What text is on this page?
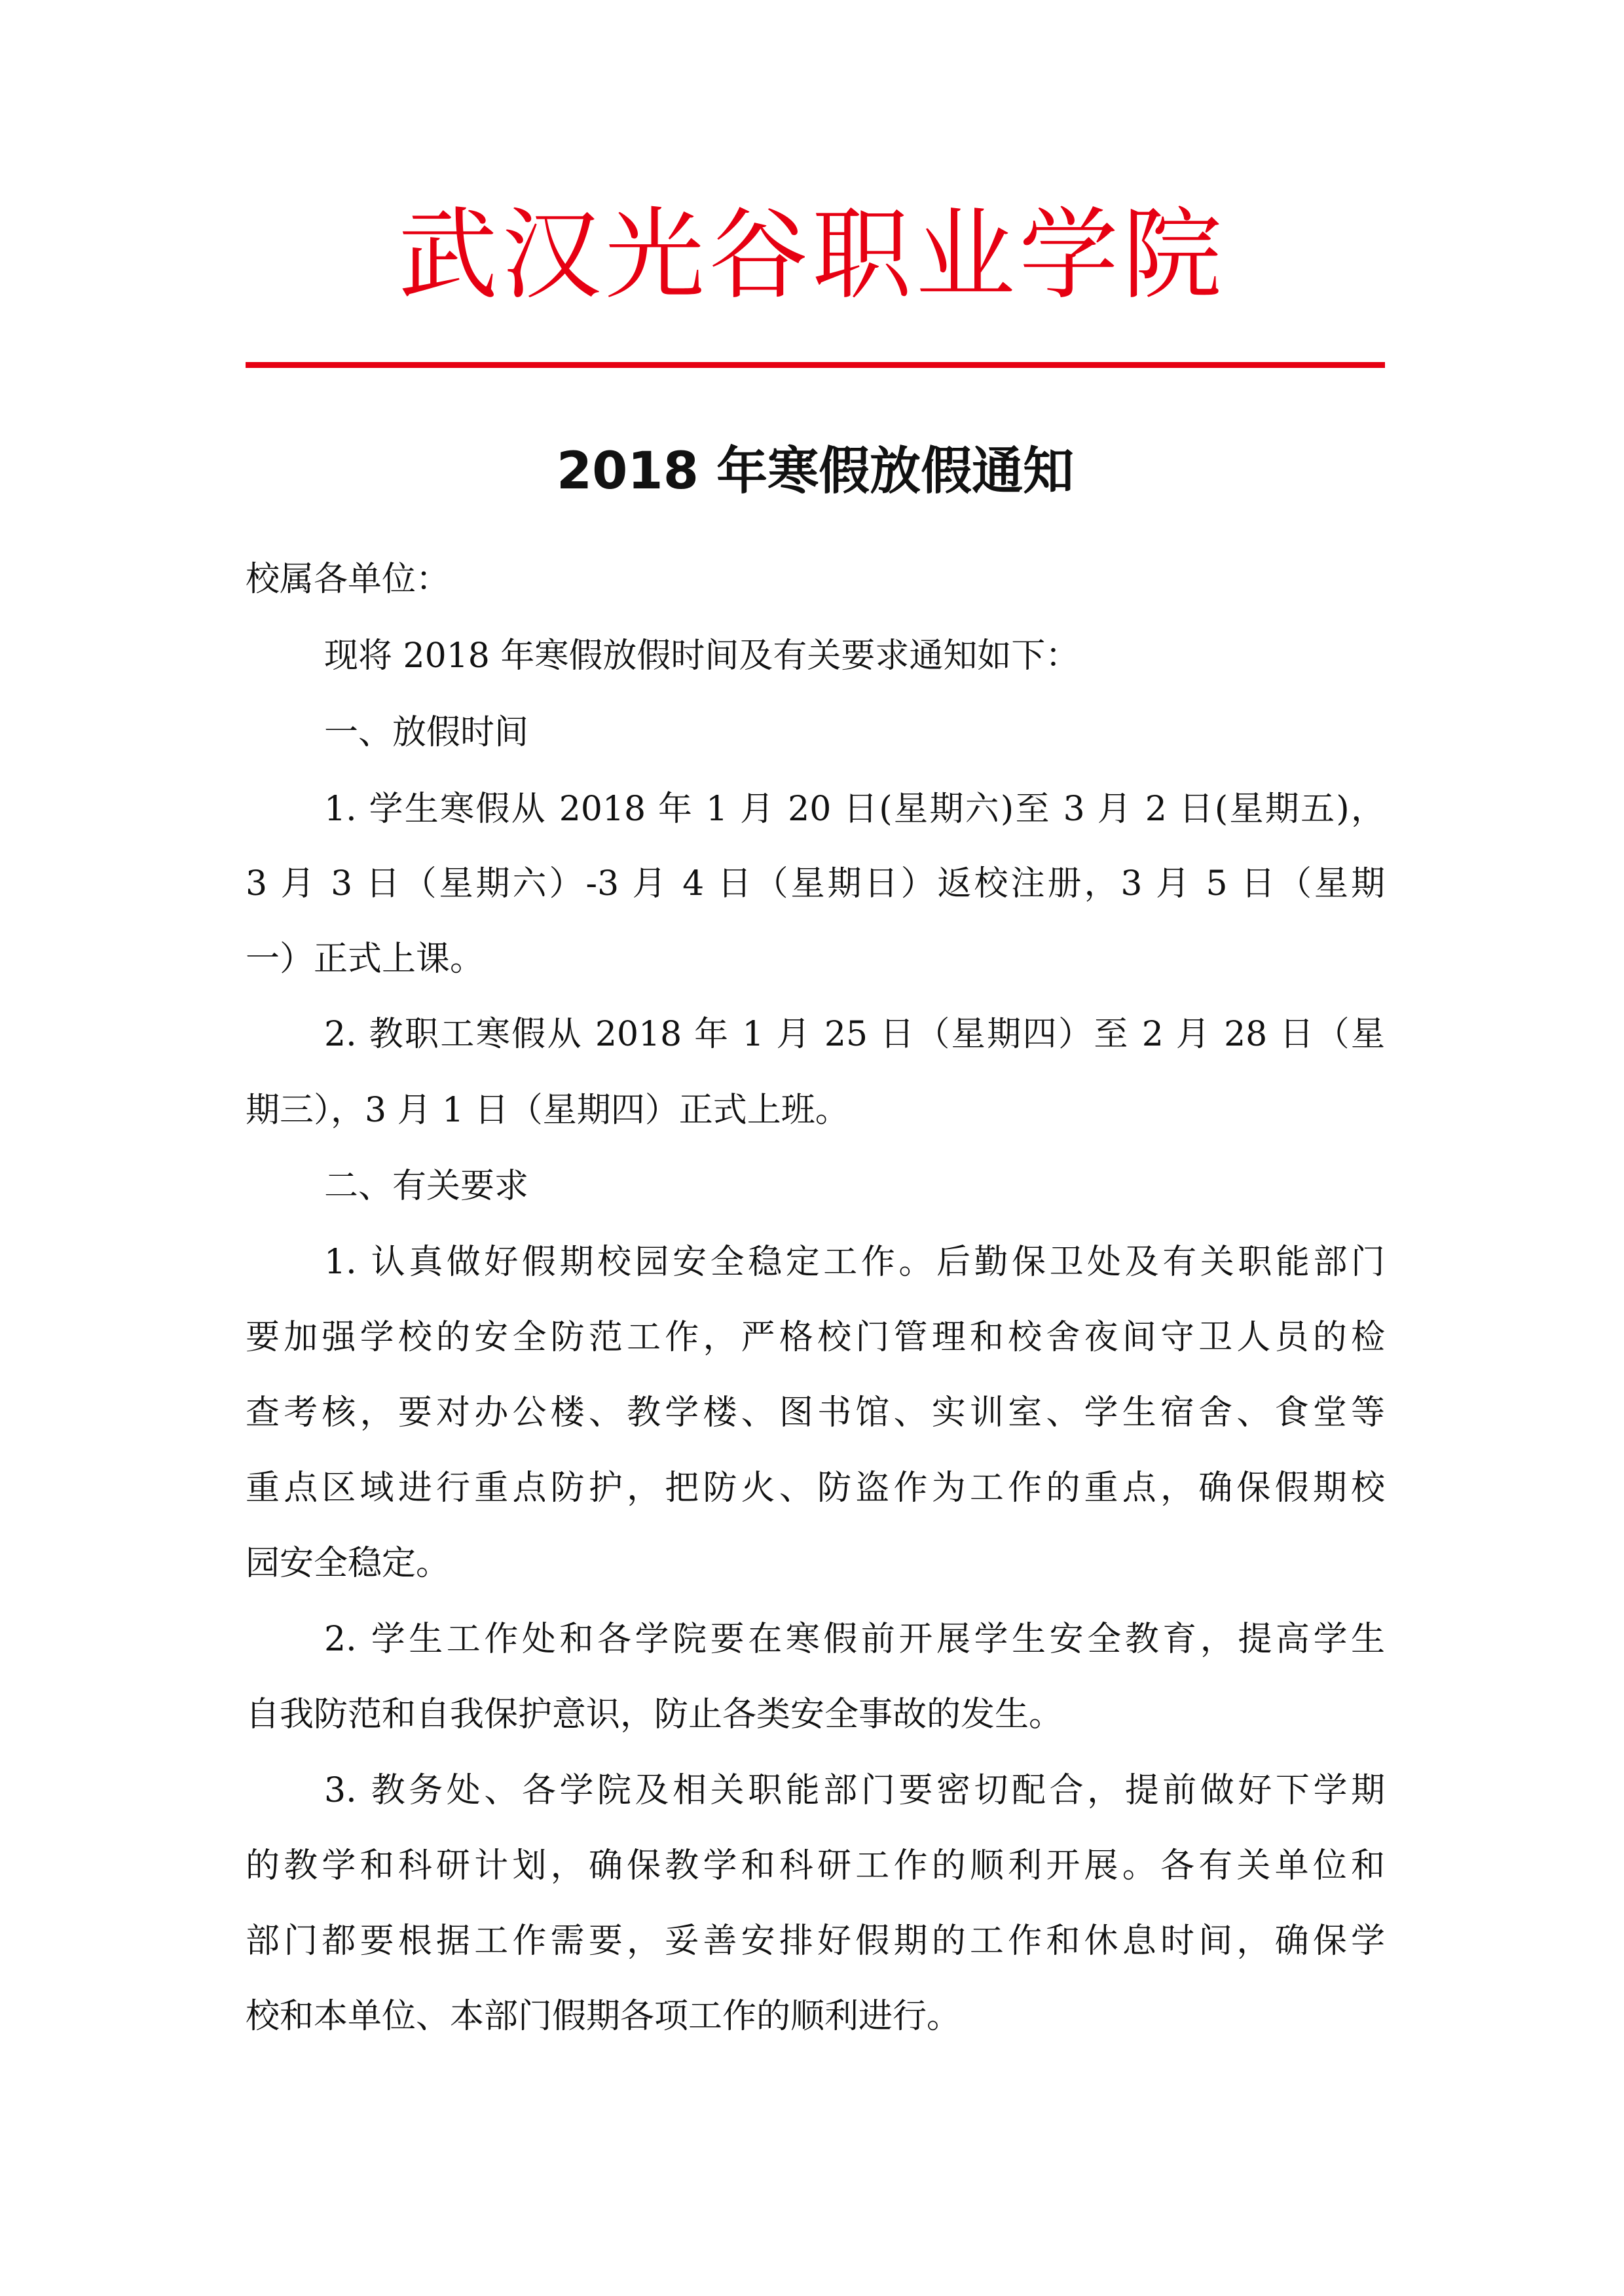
武汉光谷职业学院
2018 年寒假放假通知
校属各单位：
现将 2018 年寒假放假时间及有关要求通知如下：
一、放假时间
1. 学生寒假从 2018 年 1 月 20 日(星期六)至 3 月 2 日(星期五)，
3 月 3 日（星期六）-3 月 4 日（星期日）返校注册，3 月 5 日（星期
一）正式上课。
2. 教职工寒假从 2018 年 1 月 25 日（星期四）至 2 月 28 日（星
期三），3 月 1 日（星期四）正式上班。
二、有关要求
1. 认真做好假期校园安全稳定工作。后勤保卫处及有关职能部门
要加强学校的安全防范工作，严格校门管理和校舍夜间守卫人员的检
查考核，要对办公楼、教学楼、图书馆、实训室、学生宿舍、食堂等
重点区域进行重点防护，把防火、防盗作为工作的重点，确保假期校
园安全稳定。
2. 学生工作处和各学院要在寒假前开展学生安全教育，提高学生
自我防范和自我保护意识，防止各类安全事故的发生。
3. 教务处、各学院及相关职能部门要密切配合，提前做好下学期
的教学和科研计划，确保教学和科研工作的顺利开展。各有关单位和
部门都要根据工作需要，妥善安排好假期的工作和休息时间，确保学
校和本单位、本部门假期各项工作的顺利进行。
